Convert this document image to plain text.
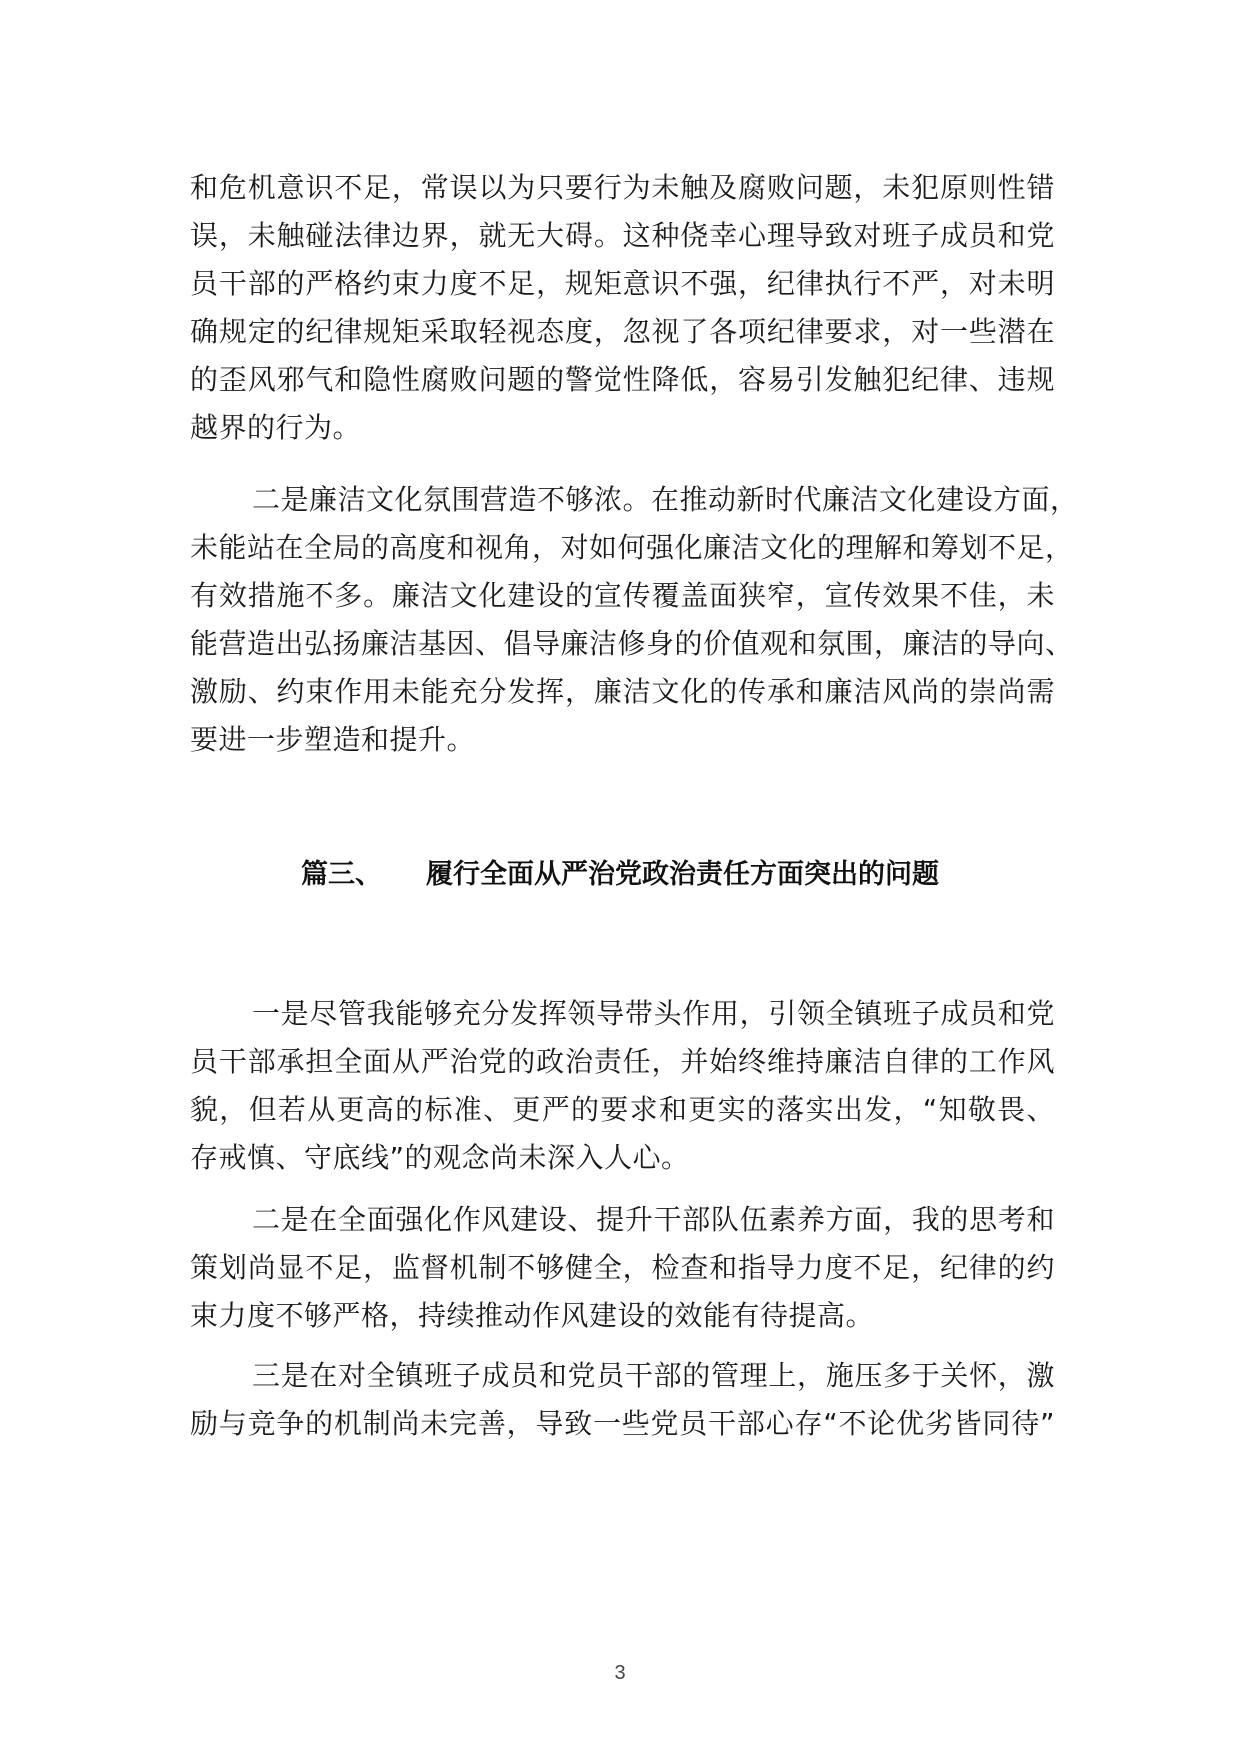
和危机意识不足，常误以为只要行为未触及腐败问题，未犯原则性错
误，未触碰法律边界，就无大碍。这种侥幸心理导致对班子成员和党
员干部的严格约束力度不足，规矩意识不强，纪律执行不严，对未明
确规定的纪律规矩采取轻视态度，忽视了各项纪律要求，对一些潜在
的歪风邪气和隐性腐败问题的警觉性降低，容易引发触犯纪律、违规
越界的行为。
二是廉洁文化氛围营造不够浓。在推动新时代廉洁文化建设方面，
未能站在全局的高度和视角，对如何强化廉洁文化的理解和筹划不足，
有效措施不多。廉洁文化建设的宣传覆盖面狭窄，宣传效果不佳，未
能营造出弘扬廉洁基因、倡导廉洁修身的价值观和氛围，廉洁的导向、
激励、约束作用未能充分发挥，廉洁文化的传承和廉洁风尚的崇尚需
要进一步塑造和提升。
篇三、 履行全面从严治党政治责任方面突出的问题
一是尽管我能够充分发挥领导带头作用，引领全镇班子成员和党
员干部承担全面从严治党的政治责任，并始终维持廉洁自律的工作风
貌，但若从更高的标准、更严的要求和更实的落实出发，“知敬畏、
存戒慎、守底线”的观念尚未深入人心。
二是在全面强化作风建设、提升干部队伍素养方面，我的思考和
策划尚显不足，监督机制不够健全，检查和指导力度不足，纪律的约
束力度不够严格，持续推动作风建设的效能有待提高。
三是在对全镇班子成员和党员干部的管理上，施压多于关怀，激
励与竞争的机制尚未完善，导致一些党员干部心存“不论优劣皆同待”
3
